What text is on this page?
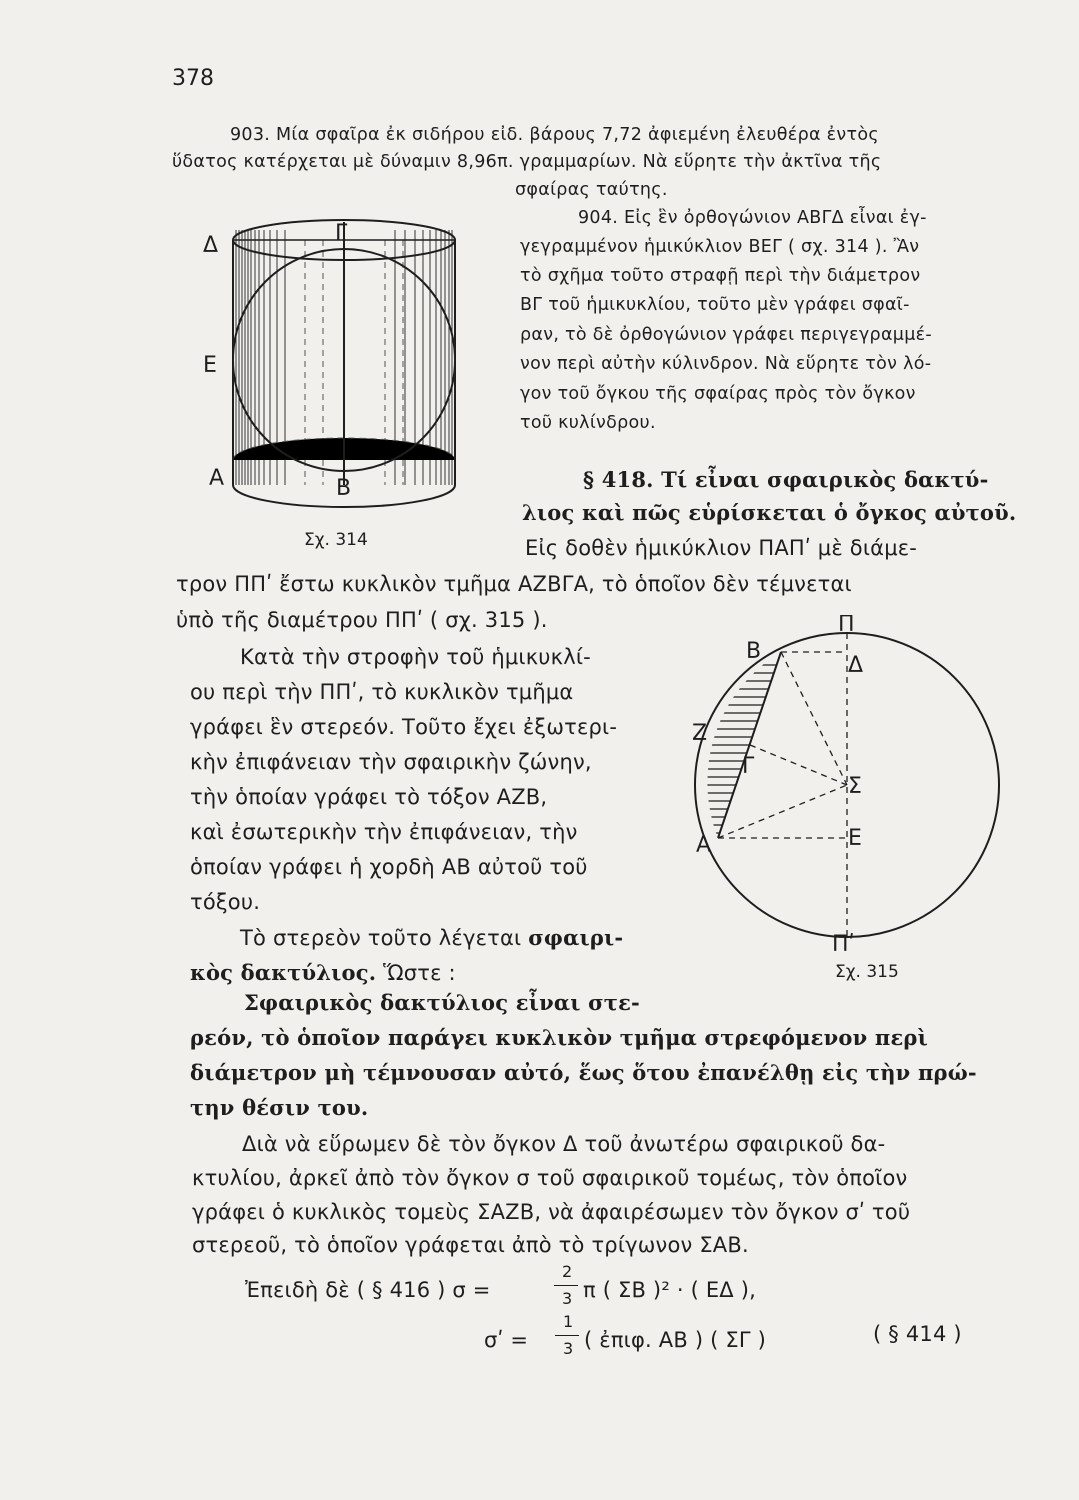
378
903. Μία σφαῖρα ἐκ σιδήρου εἰδ. βάρους 7,72 ἀφιεμένη ἐλευθέρα ἐντὸς
ὕδατος κατέρχεται μὲ δύναμιν 8,96π. γραμμαρίων. Νὰ εὕρητε τὴν ἀκτῖνα τῆς
σφαίρας ταύτης.
904. Εἰς ἓν ὀρθογώνιον ΑΒΓΔ εἶναι ἐγ-
γεγραμμένον ἡμικύκλιον ΒΕΓ ( σχ. 314 ). Ἂν
τὸ σχῆμα τοῦτο στραφῇ περὶ τὴν διάμετρον
ΒΓ τοῦ ἡμικυκλίου, τοῦτο μὲν γράφει σφαῖ-
ραν, τὸ δὲ ὀρθογώνιον γράφει περιγεγραμμέ-
νον περὶ αὐτὴν κύλινδρον. Νὰ εὕρητε τὸν λό-
γον τοῦ ὄγκου τῆς σφαίρας πρὸς τὸν ὄγκον
τοῦ κυλίνδρου.
Δ	Γ
Ε
Α	Β
Σχ. 314
§ 418. Τί εἶναι σφαιρικὸς δακτύ-
λιος καὶ πῶς εὑρίσκεται ὁ ὄγκος αὐτοῦ.
Εἰς δοθὲν ἡμικύκλιον ΠΑΠʹ μὲ διάμε-
τρον ΠΠʹ ἔστω κυκλικὸν τμῆμα ΑΖΒΓΑ, τὸ ὁποῖον δὲν τέμνεται
ὑπὸ τῆς διαμέτρου ΠΠʹ ( σχ. 315 ).
Κατὰ τὴν στροφὴν τοῦ ἡμικυκλί-
ου περὶ τὴν ΠΠʹ, τὸ κυκλικὸν τμῆμα
γράφει ἓν στερεόν. Τοῦτο ἔχει ἐξωτερι-
κὴν ἐπιφάνειαν τὴν σφαιρικὴν ζώνην,
τὴν ὁποίαν γράφει τὸ τόξον ΑΖΒ,
καὶ ἐσωτερικὴν τὴν ἐπιφάνειαν, τὴν
ὁποίαν γράφει ἡ χορδὴ ΑΒ αὐτοῦ τοῦ
τόξου.
Τὸ στερεὸν τοῦτο λέγεται σφαιρι-
κὸς δακτύλιος. Ὥστε :
Σφαιρικὸς δακτύλιος εἶναι στε-
ρεόν, τὸ ὁποῖον παράγει κυκλικὸν τμῆμα στρεφόμενον περὶ
διάμετρον μὴ τέμνουσαν αὐτό, ἕως ὅτου ἐπανέλθῃ εἰς τὴν πρώ-
την θέσιν του.
Διὰ νὰ εὕρωμεν δὲ τὸν ὄγκον Δ τοῦ ἀνωτέρω σφαιρικοῦ δα-
κτυλίου, ἀρκεῖ ἀπὸ τὸν ὄγκον σ τοῦ σφαιρικοῦ τομέως, τὸν ὁποῖον
γράφει ὁ κυκλικὸς τομεὺς ΣΑΖΒ, νὰ ἀφαιρέσωμεν τὸν ὄγκον σʹ τοῦ
στερεοῦ, τὸ ὁποῖον γράφεται ἀπὸ τὸ τρίγωνον ΣΑΒ.
Π
Πʹ
Β
Δ
Ζ
Γ
Σ
Α	Ε
Σχ. 315
Ἐπειδὴ δὲ ( § 416 ) σ =
2
3 π ( ΣΒ )² · ( ΕΔ ),
σʹ =
1
3 ( ἐπιφ. ΑΒ ) ( ΣΓ )	( § 414 )
